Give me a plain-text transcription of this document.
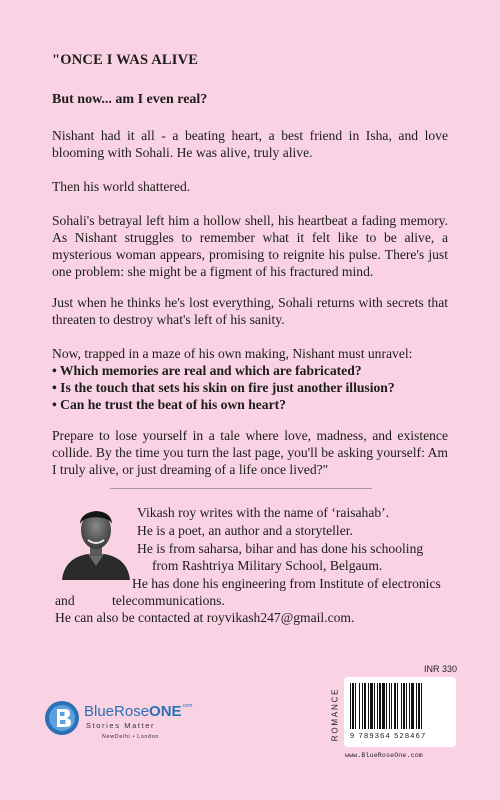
"ONCE I WAS ALIVE
But now... am I even real?
Nishant had it all - a beating heart, a best friend in Isha, and love blooming with Sohali. He was alive, truly alive.
Then his world shattered.
Sohali's betrayal left him a hollow shell, his heartbeat a fading memory. As Nishant struggles to remember what it felt like to be alive, a mysterious woman appears, promising to reignite his pulse. There's just one problem: she might be a figment of his fractured mind.
Just when he thinks he's lost everything, Sohali returns with secrets that threaten to destroy what's left of his sanity.
Now, trapped in a maze of his own making, Nishant must unravel:
• Which memories are real and which are fabricated?
• Is the touch that sets his skin on fire just another illusion?
• Can he trust the beat of his own heart?
Prepare to lose yourself in a tale where love, madness, and existence collide. By the time you turn the last page, you'll be asking yourself: Am I truly alive, or just dreaming of a life once lived?"
Vikash roy writes with the name of ‘raisahab’.
He is a poet, an author and a storyteller.
He is from saharsa, bihar and has done his schooling
from Rashtriya Military School, Belgaum.
He has done his engineering from Institute of electronics
and	telecommunications.
He can also be contacted at royvikash247@gmail.com.
BlueRoseONE$^{.com}$
Stories Matter
NewDelhi • London
INR 330
ROMANCE 9 789364 528467
www.BlueRoseOne.com
